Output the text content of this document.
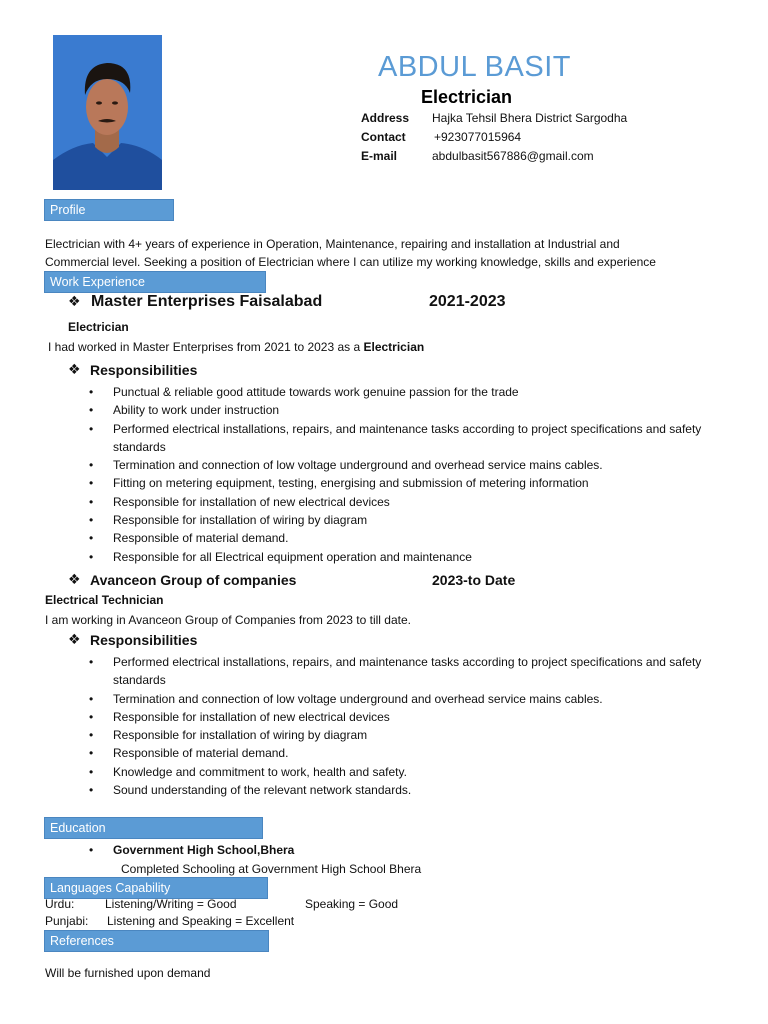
ABDUL BASIT
Electrician
Address Hajka Tehsil Bhera District Sargodha
Contact +923077015964
E-mail	abdulbasit567886@gmail.com
Profile
Electrician with 4+ years of experience in Operation, Maintenance, repairing and installation at Industrial and
Commercial level. Seeking a position of Electrician where I can utilize my working knowledge, skills and experience
Work Experience
❖ Master Enterprises Faisalabad	2021-2023
Electrician
I had worked in Master Enterprises from 2021 to 2023 as a Electrician
❖ Responsibilities
• Punctual & reliable good attitude towards work genuine passion for the trade
• Ability to work under instruction
• Performed electrical installations, repairs, and maintenance tasks according to project specifications and safety standards
• Termination and connection of low voltage underground and overhead service mains cables.
• Fitting on metering equipment, testing, energising and submission of metering information
• Responsible for installation of new electrical devices
• Responsible for installation of wiring by diagram
• Responsible of material demand.
• Responsible for all Electrical equipment operation and maintenance
❖ Avanceon Group of companies	2023-to Date
Electrical Technician
I am working in Avanceon Group of Companies from 2023 to till date.
❖ Responsibilities
• Performed electrical installations, repairs, and maintenance tasks according to project specifications and safety standards
• Termination and connection of low voltage underground and overhead service mains cables.
• Responsible for installation of new electrical devices
• Responsible for installation of wiring by diagram
• Responsible of material demand.
• Knowledge and commitment to work, health and safety.
• Sound understanding of the relevant network standards.
Education
• Government High School,Bhera
Completed Schooling at Government High School Bhera
Languages Capability
Urdu:	Listening/Writing = Good	Speaking = Good
Punjabi: Listening and Speaking = Excellent
References
Will be furnished upon demand
